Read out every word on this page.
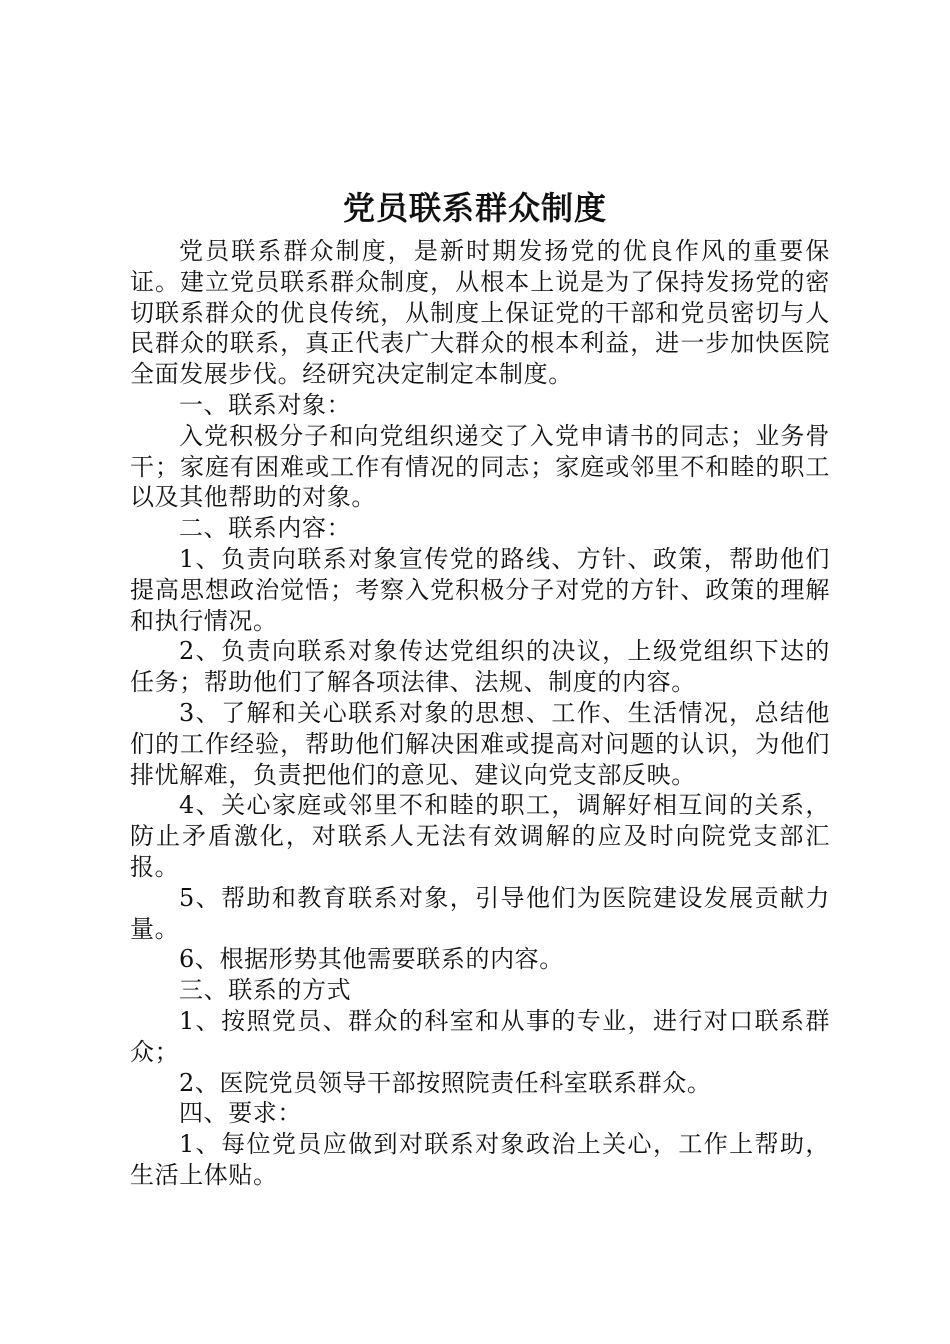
党员联系群众制度

党员联系群众制度，是新时期发扬党的优良作风的重要保证。建立党员联系群众制度，从根本上说是为了保持发扬党的密切联系群众的优良传统，从制度上保证党的干部和党员密切与人民群众的联系，真正代表广大群众的根本利益，进一步加快医院全面发展步伐。经研究决定制定本制度。

一、联系对象：

入党积极分子和向党组织递交了入党申请书的同志；业务骨干；家庭有困难或工作有情况的同志；家庭或邻里不和睦的职工以及其他帮助的对象。

二、联系内容：

1、负责向联系对象宣传党的路线、方针、政策，帮助他们提高思想政治觉悟；考察入党积极分子对党的方针、政策的理解和执行情况。

2、负责向联系对象传达党组织的决议，上级党组织下达的任务；帮助他们了解各项法律、法规、制度的内容。

3、了解和关心联系对象的思想、工作、生活情况，总结他们的工作经验，帮助他们解决困难或提高对问题的认识，为他们排忧解难，负责把他们的意见、建议向党支部反映。

4、关心家庭或邻里不和睦的职工，调解好相互间的关系，防止矛盾激化，对联系人无法有效调解的应及时向院党支部汇报。

5、帮助和教育联系对象，引导他们为医院建设发展贡献力量。

6、根据形势其他需要联系的内容。

三、联系的方式

1、按照党员、群众的科室和从事的专业，进行对口联系群众；

2、医院党员领导干部按照院责任科室联系群众。

四、要求：

1、每位党员应做到对联系对象政治上关心，工作上帮助，生活上体贴。
